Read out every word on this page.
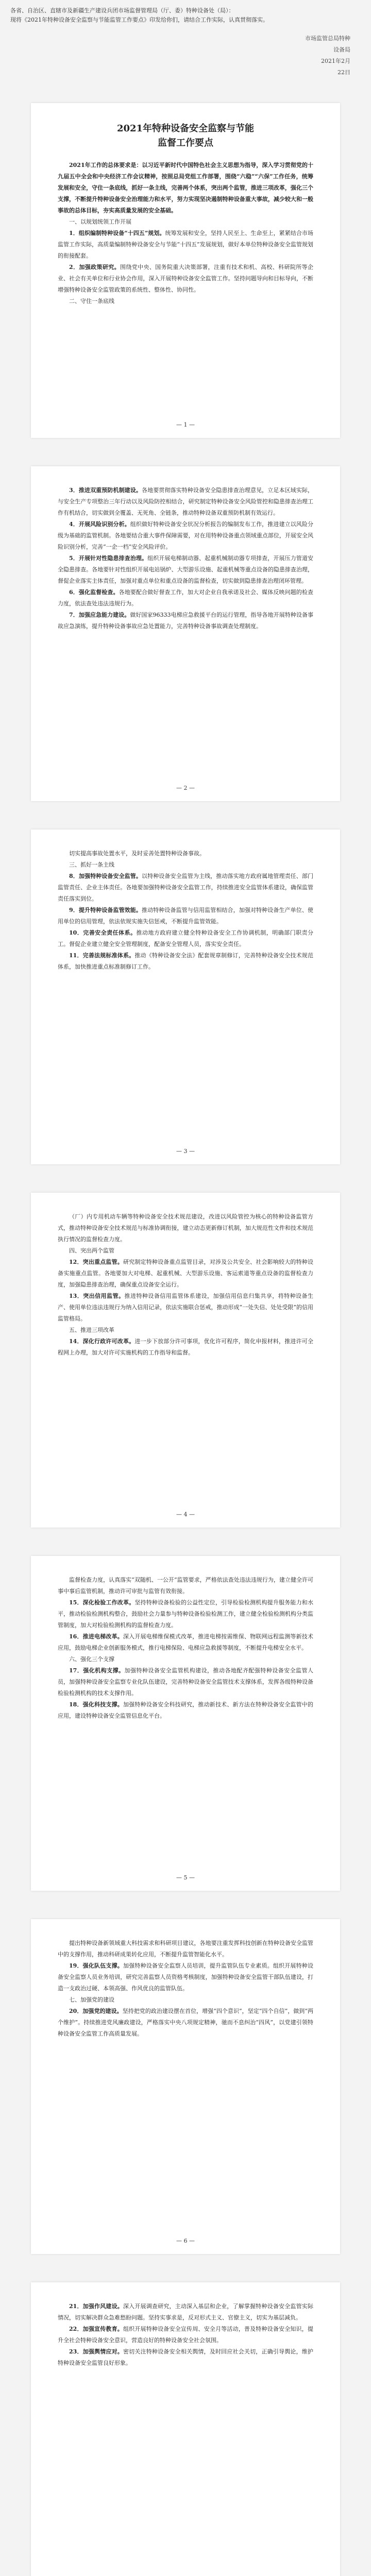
各省、自治区、直辖市及新疆生产建设兵团市场监督管理局（厅、委）特种设备处（局）：
现将《2021年特种设备安全监察与节能监管工作要点》印发给你们，请结合工作实际，认真贯彻落实。
市场监管总局特种
设备局
2021年2月
22日
2021年特种设备安全监察与节能
监督工作要点

2021年工作的总体要求是：以习近平新时代中国特色社会主义思想为指导，深入学习贯彻党的十九届五中全会和中央经济工作会议精神，按照总局党组工作部署，围绕“六稳”“六保”工作任务，统筹发展和安全，守住一条底线，抓好一条主线，完善两个体系，突出两个监管，推进三项改革，强化三个支撑，不断提升特种设备安全治理能力和水平，努力实现坚决遏制特种设备重大事故，减少较大和一般事故的总体目标，夯实高质量发展的安全基础。

一、以规划统领工作开展

1．组织编制特种设备“十四五”规划。统筹发展和安全，坚持人民至上、生命至上，紧紧结合市场监管工作实际，高质量编制特种设备安全与节能“十四五”发展规划，做好本单位特种设备安全监管规划的衔接配套。

2．加强政策研究。围绕党中央、国务院重大决策部署，注重有技术和机、高校、科研院所等企业、社会有关单位和行业协会作用，深入开展特种设备安全监管工作。坚持问题导向和目标导向，不断增强特种设备安全监管政策的系统性、整体性、协同性。

二、守住一条底线

— 1 —

3．推进双重预防机制建设。各地要贯彻落实特种设备安全隐患排查治理意见，立足本区域实际，与安全生产专项整治三年行动以及风险防控相结合，研究制定特种设备安全风险管控和隐患排查治理工作有机结合，切实做到全覆盖、无死角、全链条，推动特种设备双重预防机制有效运行。

4．开展风险识别分析。组织做好特种设备安全状况分析报告的编制发布工作，推进建立以风险分级为基础的监管机制。各地要结合重大事件保障需要，对在用特种设备重点领域重点部位，开展安全风险识别分析，完善“一企一档”安全风险评价。

5．开展针对性隐患排查治理。组织开展电梯制动器、起重机械制动器专项排查，开展压力管道安全隐患排查。各地要针对性组织开展电站锅炉、大型游乐设施、起重机械等重点设备的隐患排查治理，督促企业落实主体责任，加强对重点单位和重点设备的监督检查，切实做到隐患排查治理闭环管理。

6．强化监督检查。各地要配合做好督查工作，加大对企业自我承诺及社会、媒体反映问题的检查力度，依法查处违法违规行为。

7．加强应急能力建设。做好国家96333电梯应急救援平台的运行管理，指导各地开展特种设备事故应急演练，提升特种设备事故应急处置能力，完善特种设备事故调查处理制度。

— 2 —

切实提高事故处置水平，及时妥善处置特种设备事故。

三、抓好一条主线

8．加强特种设备安全监管。以特种设备安全监管为主线，推动落实地方政府属地管理责任、部门监管责任、企业主体责任。各地要加强特种设备安全监管工作，持续推进安全监管体系建设，确保监管责任落实到位。

9．提升特种设备监管效能。推动特种设备监管与信用监管相结合，加强对特种设备生产单位、使用单位的信用管理，依法依规实施失信惩戒，不断提升监管效能。

10．完善安全责任体系。推动地方政府建立健全特种设备安全工作协调机制，明确部门职责分工。督促企业建立健全安全管理制度，配备安全管理人员，落实安全责任。

11．完善法规标准体系。推动《特种设备安全法》配套规章制修订，完善特种设备安全技术规范体系，加快推进重点标准制修订工作。

— 3 —

（厂）内专用机动车辆等特种设备安全技术规范建设，改进以风险管控为核心的特种设备监管方式，推动特种设备安全技术规范与标准协调衔接，建立动态更新修订机制，加大规范性文件和技术规范执行情况的监督检查力度。

四、突出两个监管

12．突出重点监管。研究制定特种设备重点监管目录，对涉及公共安全、社会影响较大的特种设备实施重点监管。各地要加大对电梯、起重机械、大型游乐设施、客运索道等重点设备的监督检查力度，加强隐患排查治理，确保重点设备安全运行。

13．突出信用监管。推进特种设备信用监管体系建设，加强信用信息归集共享，将特种设备生产、使用单位违法违规行为纳入信用记录，依法实施联合惩戒，推动形成“一处失信、处处受限”的信用监管格局。

五、推进三项改革

14．深化行政许可改革。进一步下放部分许可事项，优化许可程序，简化申报材料，推进许可全程网上办理，加大对许可实施机构的工作指导和监督。

— 4 —

监督检查力度，认真落实“双随机、一公开”监管要求，严格依法查处违法违规行为，建立健全许可事中事后监管机制，推动许可审批与监管有效衔接。

15．深化检验工作改革。坚持特种设备检验的公益性定位，引导检验检测机构提升服务能力和水平，推动检验检测机构整合，鼓励社会力量参与特种设备检验检测工作，建立健全检验检测机构分类监管制度，加大对检验检测机构的监督检查力度。

16．推进电梯改革。深入开展电梯维保模式改革，推进电梯按需维保、物联网远程监测等新技术应用，鼓励电梯企业创新服务模式，推行电梯保险、电梯应急救援等制度，不断提升电梯安全水平。

六、强化三个支撑

17．强化机构支撑。加强特种设备安全监管机构建设，推动各地配齐配强特种设备安全监管人员，加强特种设备安全监察专业化队伍建设，完善特种设备安全监管技术支撑体系，发挥各级特种设备检验检测机构的技术支撑作用。

18．强化科技支撑。加强特种设备安全科技研究，推动新技术、新方法在特种设备安全监管中的应用，建设特种设备安全监管信息化平台。

— 5 —

提出特种设备新领域重大科技需求和科研项目建议，各地要注重发挥科技创新在特种设备安全监管中的支撑作用，推动科研成果转化应用，不断提升监管智能化水平。

19．强化队伍支撑。加强特种设备安全监察人员培训，提升监管队伍专业素质。组织开展特种设备安全监察人员业务培训，研究完善监察人员资格考核制度，加强特种设备安全监管干部队伍建设，打造一支政治过硬、本领高强、作风优良的监管队伍。

七、加强党的建设

20．加强党的建设。坚持把党的政治建设摆在首位，增强“四个意识”，坚定“四个自信”，做到“两个维护”。持续推进党风廉政建设，严格落实中央八项规定精神，驰而不息纠治“四风”，以党建引领特种设备安全监管工作高质量发展。

— 6 —

21．加强作风建设。深入开展调查研究，主动深入基层和企业，了解掌握特种设备安全监管实际情况，切实解决群众急难愁盼问题。坚持实事求是，反对形式主义、官僚主义，切实为基层减负。

22．加强宣传教育。组织开展特种设备安全宣传周、安全月等活动，普及特种设备安全知识，提升全社会特种设备安全意识，营造良好的特种设备安全社会氛围。

23．加强舆情应对。密切关注特种设备安全相关舆情，及时回应社会关切，正确引导舆论，维护特种设备安全监管良好形象。
